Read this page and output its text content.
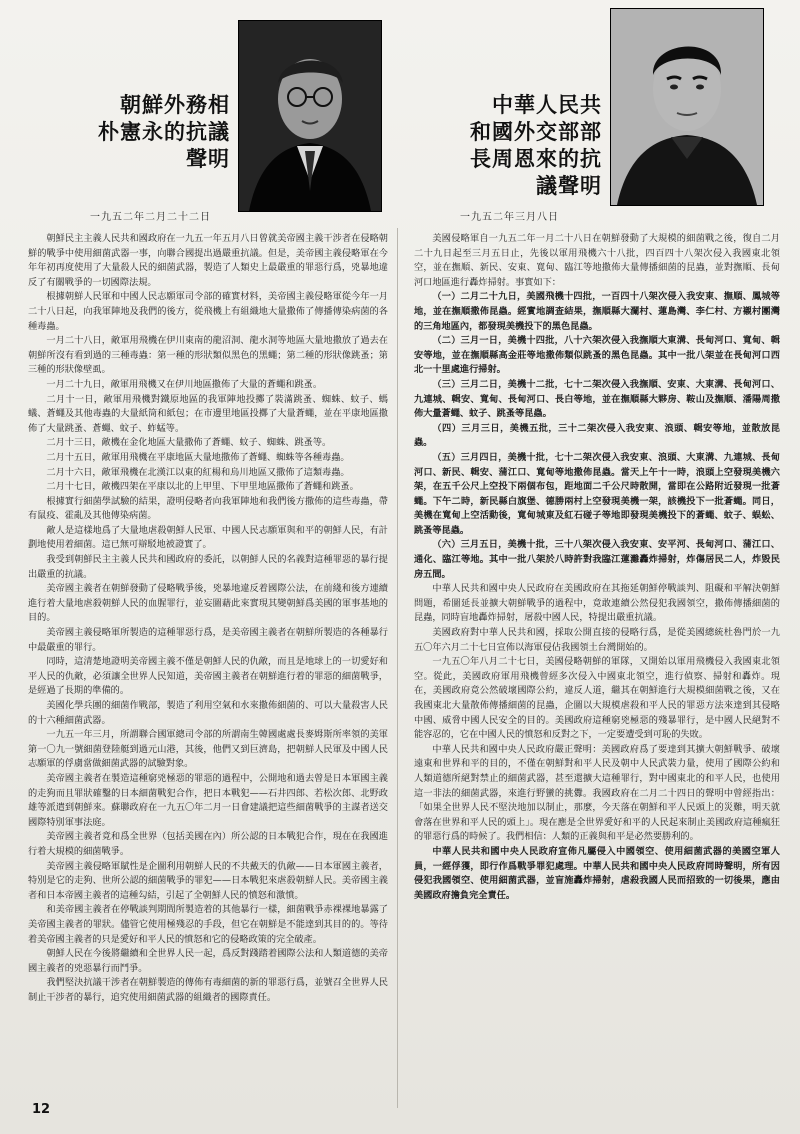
朝鮮外務相
朴憲永的抗議
聲明
一九五二年二月二十二日

朝鮮民主主義人民共和國政府在一九五一年五月八日曾就美帝國主義干涉者在侵略朝鮮的戰爭中使用細菌武器一事，向聯合國提出過嚴重抗議。但是，美帝國主義侵略軍在今年年初再度使用了大量殺人民的細菌武器，製造了人類史上最嚴重的罪惡行爲，兇暴地違反了有關戰爭的一切國際法規。

根據朝鮮人民軍和中國人民志願軍司令部的確實材料，美帝國主義侵略軍從今年一月二十八日起，向我軍陣地及我們的後方，從飛機上有組織地大量撒佈了傳播傳染病菌的各種毒蟲。

一月二十八日，敵軍用飛機在伊川東南的龍沼洞、龍水洞等地區大量地撒放了過去在朝鮮所沒有看到過的三種毒蟲：第一種的形狀類似黑色的黑蠅；第二種的形狀像跳蚤；第三種的形狀像壁虱。

一月二十九日，敵軍用飛機又在伊川地區撒佈了大量的蒼蠅和跳蚤。

二月十一日，敵軍用飛機對鐵原地區的我軍陣地投擲了裝滿跳蚤、蜘蛛、蚊子、螞蟻、蒼蠅及其他毒蟲的大量紙筒和紙包；在市邊里地區投擲了大量蒼蠅，並在平康地區撒佈了大量跳蚤、蒼蠅、蚊子、蚱蜢等。

二月十三日，敵機在金化地區大量撒佈了蒼蠅、蚊子、蜘蛛、跳蚤等。

二月十五日，敵軍用飛機在平康地區大量地撒佈了蒼蠅、蜘蛛等各種毒蟲。

二月十六日，敵軍飛機在北漢江以東的紅楊和烏川地區又撒佈了這類毒蟲。

二月十七日，敵機四架在平康以北的上甲里、下甲里地區撒佈了蒼蠅和跳蚤。

根據實行細菌學試驗的結果，證明侵略者向我軍陣地和我們後方撒佈的這些毒蟲，帶有鼠疫、霍亂及其他傳染病菌。

敵人是這樣地爲了大量地虐殺朝鮮人民軍、中國人民志願軍與和平的朝鮮人民，有計劃地使用着細菌。這已無可辯駁地被證實了。

我受到朝鮮民主主義人民共和國政府的委託，以朝鮮人民的名義對這種罪惡的暴行提出嚴重的抗議。

美帝國主義者在朝鮮發動了侵略戰爭後，兇暴地違反着國際公法，在前綫和後方連續進行着大量地虐殺朝鮮人民的血腥罪行，並妄圖藉此來實現其變朝鮮爲美國的軍事基地的目的。

美帝國主義侵略軍所製造的這種罪惡行爲，是美帝國主義者在朝鮮所製造的各種暴行中最嚴重的罪行。

同時，這清楚地證明美帝國主義不僅是朝鮮人民的仇敵，而且是地球上的一切愛好和平人民的仇敵，必須讓全世界人民知道，美帝國主義者在朝鮮進行着的罪惡的細菌戰爭，是經過了長期的準備的。

美國化學兵團的細菌作戰部，製造了利用空氣和水來撒佈細菌的、可以大量殺害人民的十六種細菌武器。

一九五一年三月，所謂聯合國軍總司令部的所謂南生韓國處處長麥姆斯所率領的美軍第一〇九一號細菌登陸艇到過元山港，其後，他們又到巨濟島，把朝鮮人民軍及中國人民志願軍的俘虜當做細菌武器的試驗對象。

美帝國主義者在製造這種窮兇極惡的罪惡的過程中，公開地和過去曾是日本軍國主義的走狗而且罪狀確鑿的日本細菌戰犯合作，把日本戰犯——石井四郎、若松次郎、北野政雄等派遣到朝鮮來。蘇聯政府在一九五〇年二月一日會建議把這些細菌戰爭的主謀者送交國際特別軍事法庭。

美帝國主義者竟和爲全世界（包括美國在內）所公認的日本戰犯合作，現在在我國進行着大規模的細菌戰爭。

美帝國主義侵略軍賦性是企圖利用朝鮮人民的不共戴天的仇敵——日本軍國主義者，特別是它的走狗、世所公認的細菌戰爭的罪犯——日本戰犯來虐殺朝鮮人民。美帝國主義者和日本帝國主義者的這種勾結，引起了全朝鮮人民的憤怒和激憤。

和美帝國主義者在停戰談判期間所製造着的其他暴行一樣，細菌戰爭赤裸裸地暴露了美帝國主義者的罪狀。儘管它使用極殘忍的手段，但它在朝鮮是不能達到其目的的。等待着美帝國主義者的只是愛好和平人民的憤怒和它的侵略政策的完全破產。

朝鮮人民在今後將繼續和全世界人民一起，爲反對踐踏着國際公法和人類道德的美帝國主義者的兇惡暴行而鬥爭。

我們堅決抗議干涉者在朝鮮製造的傳佈有毒細菌的新的罪惡行爲，並號召全世界人民制止干涉者的暴行，追究使用細菌武器的組織者的國際責任。

中華人民共
和國外交部部
長周恩來的抗
議聲明
一九五二年三月八日

美國侵略軍自一九五二年一月二十八日在朝鮮發動了大規模的細菌戰之後，復自二月二十九日起至三月五日止，先後以軍用飛機六十八批，四百四十八架次侵入我國東北領空，並在撫順、新民、安東、寬甸、臨江等地撒佈大量傳播細菌的昆蟲，並對撫順、長甸河口地區進行轟炸掃射。事實如下：

（一）二月二十九日，美國飛機十四批，一百四十八架次侵入我安東、撫順、鳳城等地，並在撫順撒佈昆蟲。經實地調查結果，撫順縣大瀾村、蓮島灣、李仁村、方襯村團灣的三角地區內，都發現美機投下的黑色昆蟲。

（二）三月一日，美機十四批，八十六架次侵入我撫順大東溝、長甸河口、寬甸、輯安等地，並在撫順縣高金莊等地撒佈類似跳蚤的黑色昆蟲。其中一批八架並在長甸河口西北一十里處進行掃射。

（三）三月二日，美機十二批，七十二架次侵入我撫順、安東、大東溝、長甸河口、九連城、輯安、寬甸、長甸河口、長白等地，並在撫順縣大夥房、鞍山及撫順、潘陽周撒佈大量蒼蠅、蚊子、跳蚤等昆蟲。

（四）三月三日，美機五批，三十二架次侵入我安東、浪頭、輯安等地，並散放昆蟲。

（五）三月四日，美機十批，七十二架次侵入我安東、浪頭、大東溝、九連城、長甸河口、新民、輯安、蒲江口、寬甸等地撒佈昆蟲。當天上午十一時，浪頭上空發現美機六架，在五千公尺上空投下兩個布包，距地面二千公尺時散開，當即在公路附近發現一批蒼蠅。下午二時，新民縣白旗堡、德勝兩村上空發現美機一架，該機投下一批蒼蠅。同日，美機在寬甸上空活動後，寬甸城東及紅石碰子等地即發現美機投下的蒼蠅、蚊子、蜈蚣、跳蚤等昆蟲。

（六）三月五日，美機十批，三十八架次侵入我安東、安平河、長甸河口、蒲江口、通化、臨江等地。其中一批八架於八時許對我臨江蓮灘轟炸掃射，炸傷居民二人，炸毀民房五間。

中華人民共和國中央人民政府在美國政府在其拖延朝鮮停戰談判、阻礙和平解決朝鮮問題，希圖延長並擴大朝鮮戰爭的過程中，竟敢連續公然侵犯我國領空，撒佈傳播細菌的昆蟲，同時盲地轟炸掃射，屠殺中國人民，特提出嚴重抗議。

美國政府對中華人民共和國，採取公開直接的侵略行爲，是從美國總統杜魯門於一九五〇年六月二十七日宣佈以海軍侵佔我國領土台灣開始的。

一九五〇年八月二十七日，美國侵略朝鮮的軍隊，又開始以軍用飛機侵入我國東北領空。從此，美國政府軍用飛機曾經多次侵入中國東北領空，進行偵察、掃射和轟炸。現在，美國政府竟公然破壞國際公約，違反人道，繼其在朝鮮進行大規模細菌戰之後，又在我國東北大量散佈傳播細菌的昆蟲，企圖以大規模虐殺和平人民的罪惡方法來達到其侵略中國、威脅中國人民安全的目的。美國政府這種窮兇極惡的殘暴罪行，是中國人民絕對不能容忍的，它在中國人民的憤怒和反對之下，一定要遭受到可恥的失敗。

中華人民共和國中央人民政府嚴正聲明：美國政府爲了要達到其擴大朝鮮戰爭、破壞遠東和世界和平的目的，不僅在朝鮮對和平人民及朝中人民武裝力量，使用了國際公約和人類道德所絕對禁止的細菌武器，甚至還擴大這種罪行，對中國東北的和平人民，也使用這一非法的細菌武器，來進行野蠻的挑釁。我國政府在二月二十四日的聲明中曾經指出：「如果全世界人民不堅決地加以制止，那麼，今天落在朝鮮和平人民頭上的災難，明天就會落在世界和平人民的頭上」。現在應是全世界愛好和平的人民起來制止美國政府這種瘋狂的罪惡行爲的時候了。我們相信：人類的正義與和平是必然要勝利的。

中華人民共和國中央人民政府宣佈凡屬侵入中國領空、使用細菌武器的美國空軍人員，一經俘獲，即行作爲戰爭罪犯處理。中華人民共和國中央人民政府同時聲明，所有因侵犯我國領空、使用細菌武器，並盲施轟炸掃射，虐殺我國人民而招致的一切後果，應由美國政府擔負完全責任。

12
